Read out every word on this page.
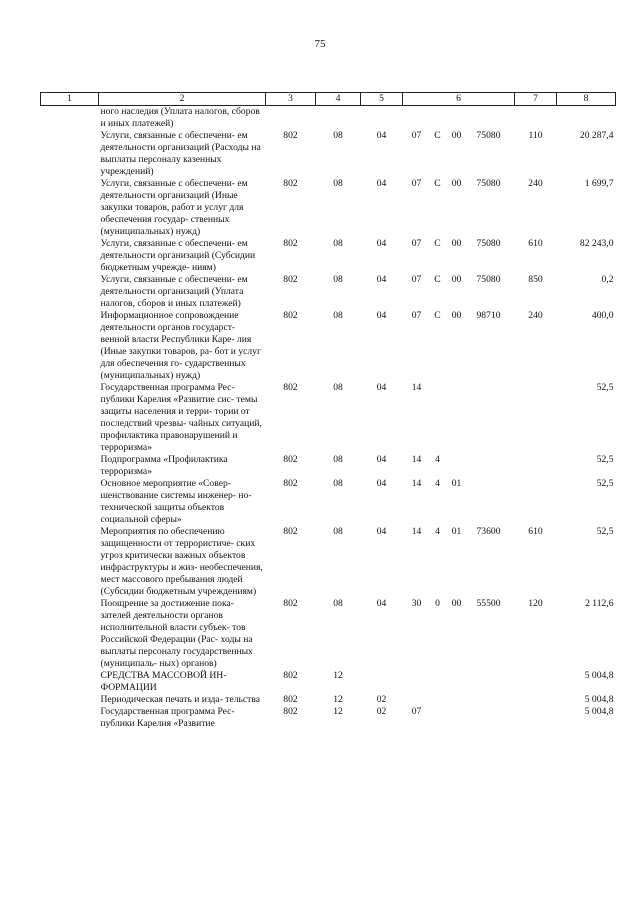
75
1	2	3	4	5	6	7	8
	ного наследия (Уплата налогов, сборов и иных платежей)				

	Услуги, связанные с обеспечени- ем деятельности организаций (Расходы на выплаты персоналу казенных учреждений)	802	08	04	07 С 00 75080	110	20 287,4
	Услуги, связанные с обеспечени- ем деятельности организаций (Иные закупки товаров, работ и услуг для обеспечения государ- ственных (муниципальных) нужд)	802	08	04	07 С 00 75080	240	1 699,7
	Услуги, связанные с обеспечени- ем деятельности организаций (Субсидии бюджетным учрежде- ниям)	802	08	04	07 С 00 75080	610	82 243,0
	Услуги, связанные с обеспечени- ем деятельности организаций (Уплата налогов, сборов и иных платежей)	802	08	04	07 С 00 75080	850	0,2
	Информационное сопровождение деятельности органов государст- венной власти Республики Каре- лия (Иные закупки товаров, ра- бот и услуг для обеспечения го- сударственных (муниципальных) нужд)	802	08	04	07 С 00 98710	240	400,0
	Государственная программа Рес- публики Карелия «Развитие сис- темы защиты населения и терри- тории от последствий чрезвы- чайных ситуаций, профилактика правонарушений и терроризма»	802	08	04	14		52,5
	Подпрограмма «Профилактика терроризма»	802	08	04	14 4		52,5
	Основное мероприятие «Совер- шенствование системы инженер- но-технической защиты объектов социальной сферы»	802	08	04	14 4 01		52,5
	Мероприятия по обеспечению защищенности от террористиче- ских угроз критически важных объектов инфраструктуры и жиз- необеспечения, мест массового пребывания людей (Субсидии бюджетным учреждениям)	802	08	04	14 4 01 73600	610	52,5
	Поощрение за достижение пока- зателей деятельности органов исполнительной власти субъек- тов Российской Федерации (Рас- ходы на выплаты персоналу государственных (муниципаль- ных) органов)	802	08	04	30 0 00 55500	120	2 112,6
	СРЕДСТВА МАССОВОЙ ИН- ФОРМАЦИИ	802	12				5 004,8
	Периодическая печать и изда- тельства	802	12	02			5 004,8
	Государственная программа Рес- публики Карелия «Развитие	802	12	02	07		5 004,8
